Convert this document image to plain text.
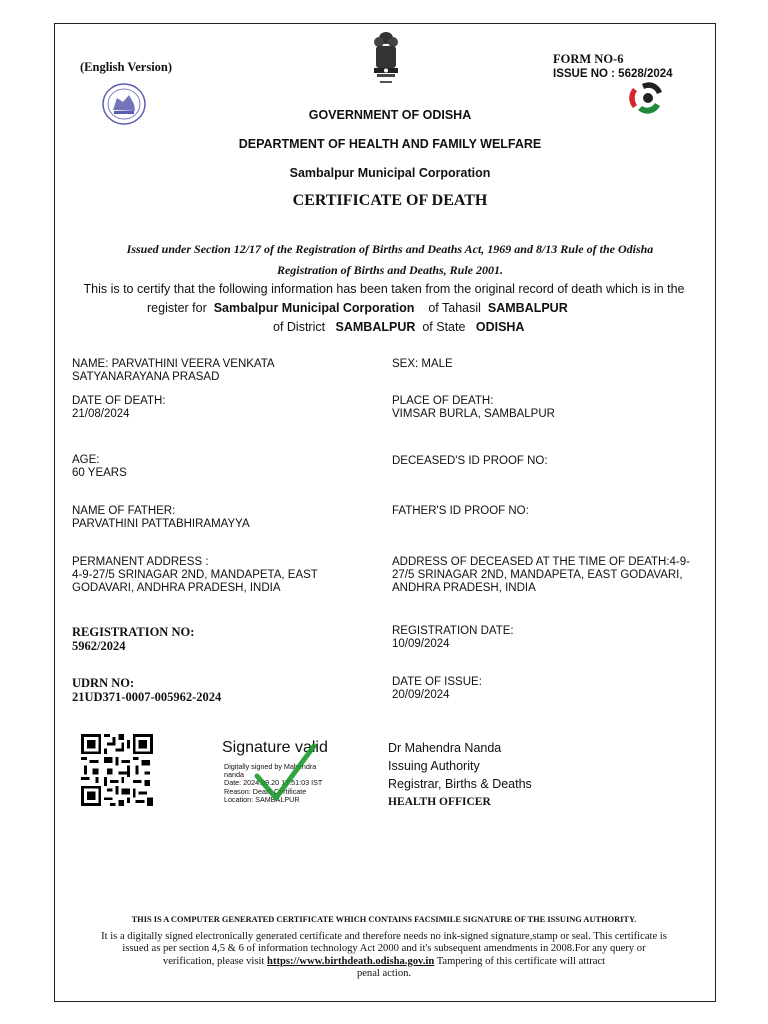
(English Version)

FORM NO-6

ISSUE NO : 5628/2024

GOVERNMENT OF ODISHA

DEPARTMENT OF HEALTH AND FAMILY WELFARE

Sambalpur Municipal Corporation

CERTIFICATE OF DEATH

Issued under Section 12/17 of the Registration of Births and Deaths Act, 1969 and 8/13 Rule of the Odisha

Registration of Births and Deaths, Rule 2001.

This is to certify that the following information has been taken from the original record of death which is in the

register for Sambalpur Municipal Corporation of Tahasil SAMBALPUR

of District SAMBALPUR of State ODISHA

NAME: PARVATHINI VEERA VENKATA
SATYANARAYANA PRASAD
DATE OF DEATH:
21/08/2024
AGE:
60 YEARS
NAME OF FATHER:
PARVATHINI PATTABHIRAMAYYA
PERMANENT ADDRESS :
4-9-27/5 SRINAGAR 2ND, MANDAPETA, EAST
GODAVARI, ANDHRA PRADESH, INDIA
REGISTRATION NO:
5962/2024
UDRN NO:
21UD371-0007-005962-2024
SEX: MALE
PLACE OF DEATH:
VIMSAR BURLA, SAMBALPUR
DECEASED'S ID PROOF NO:
FATHER'S ID PROOF NO:
ADDRESS OF DECEASED AT THE TIME OF DEATH:4-9-
27/5 SRINAGAR 2ND, MANDAPETA, EAST GODAVARI,
ANDHRA PRADESH, INDIA
REGISTRATION DATE:
10/09/2024
DATE OF ISSUE:
20/09/2024

Signature valid

Digitally signed by Mahendra
nanda
Date: 2024.09.20 17:51:03 IST
Reason: Death Certificate
Location: SAMBALPUR
Dr Mahendra Nanda
Issuing Authority
Registrar, Births & Deaths
HEALTH OFFICER

THIS IS A COMPUTER GENERATED CERTIFICATE WHICH CONTAINS FACSIMILE SIGNATURE OF THE ISSUING AUTHORITY.

It is a digitally signed electronically generated certificate and therefore needs no ink-signed signature,stamp or seal. This certificate is
issued as per section 4,5 & 6 of information technology Act 2000 and it's subsequent amendments in 2008.For any query or
verification, please visit https://www.birthdeath.odisha.gov.in Tampering of this certificate will attract
penal action.
